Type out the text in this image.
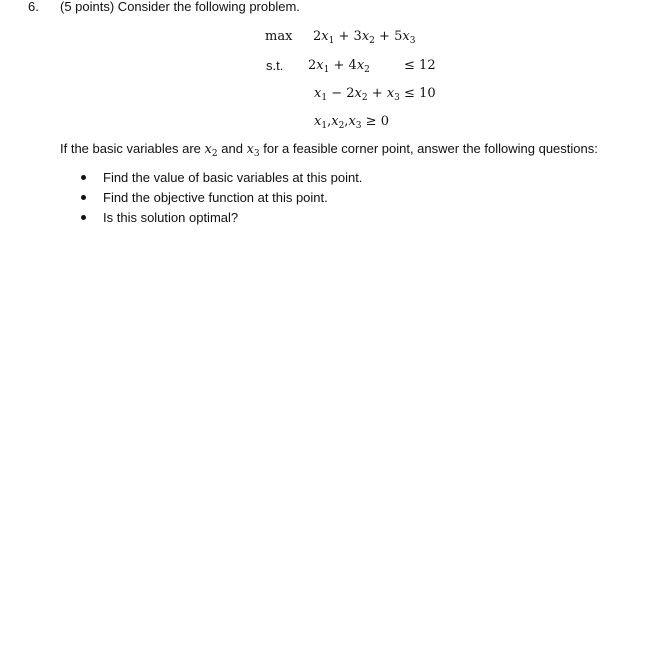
6. (5 points) Consider the following problem.
$\max 2x_1 + 3x_2 + 5x_3$
s.t. $2x_1 + 4x_2$	≤ 12
$x_1 - 2x_2 + x_3 \le 10$
$x_1,x_2,x_3 \ge 0$
If the basic variables are $x_2$ and $x_3$ for a feasible corner point, answer the following questions:
Find the value of basic variables at this point.
Find the objective function at this point.
Is this solution optimal?
